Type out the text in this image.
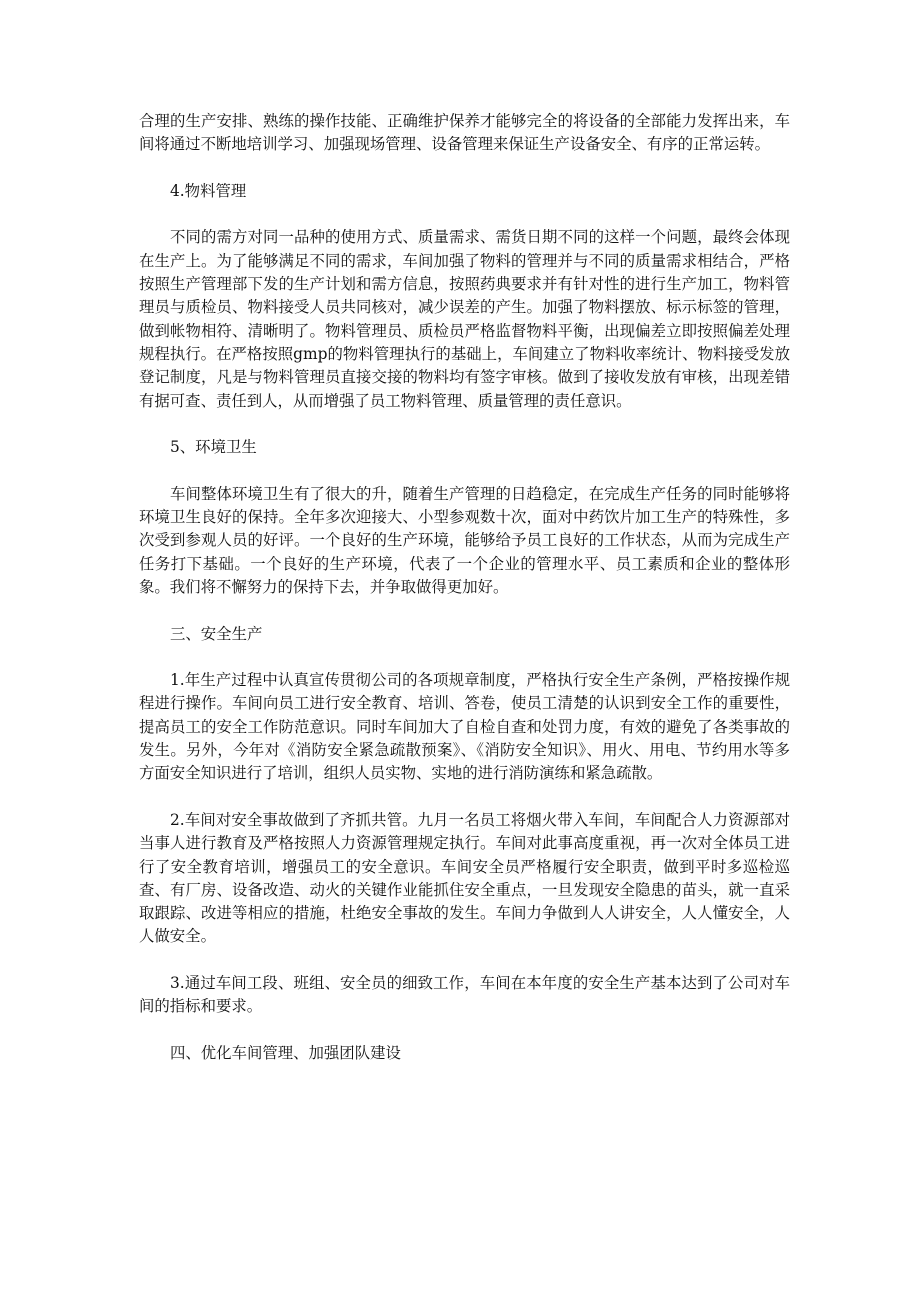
合理的生产安排、熟练的操作技能、正确维护保养才能够完全的将设备的全部能力发挥出来，车间将通过不断地培训学习、加强现场管理、设备管理来保证生产设备安全、有序的正常运转。

4.物料管理

不同的需方对同一品种的使用方式、质量需求、需货日期不同的这样一个问题，最终会体现在生产上。为了能够满足不同的需求，车间加强了物料的管理并与不同的质量需求相结合，严格按照生产管理部下发的生产计划和需方信息，按照药典要求并有针对性的进行生产加工，物料管理员与质检员、物料接受人员共同核对，减少误差的产生。加强了物料摆放、标示标签的管理，做到帐物相符、清晰明了。物料管理员、质检员严格监督物料平衡，出现偏差立即按照偏差处理规程执行。在严格按照gmp的物料管理执行的基础上，车间建立了物料收率统计、物料接受发放登记制度，凡是与物料管理员直接交接的物料均有签字审核。做到了接收发放有审核，出现差错有据可查、责任到人，从而增强了员工物料管理、质量管理的责任意识。

5、环境卫生

车间整体环境卫生有了很大的升，随着生产管理的日趋稳定，在完成生产任务的同时能够将环境卫生良好的保持。全年多次迎接大、小型参观数十次，面对中药饮片加工生产的特殊性，多次受到参观人员的好评。一个良好的生产环境，能够给予员工良好的工作状态，从而为完成生产任务打下基础。一个良好的生产环境，代表了一个企业的管理水平、员工素质和企业的整体形象。我们将不懈努力的保持下去，并争取做得更加好。

三、安全生产

1.年生产过程中认真宣传贯彻公司的各项规章制度，严格执行安全生产条例，严格按操作规程进行操作。车间向员工进行安全教育、培训、答卷，使员工清楚的认识到安全工作的重要性，提高员工的安全工作防范意识。同时车间加大了自检自查和处罚力度，有效的避免了各类事故的发生。另外，今年对《消防安全紧急疏散预案》、《消防安全知识》、用火、用电、节约用水等多方面安全知识进行了培训，组织人员实物、实地的进行消防演练和紧急疏散。

2.车间对安全事故做到了齐抓共管。九月一名员工将烟火带入车间，车间配合人力资源部对当事人进行教育及严格按照人力资源管理规定执行。车间对此事高度重视，再一次对全体员工进行了安全教育培训，增强员工的安全意识。车间安全员严格履行安全职责，做到平时多巡检巡查、有厂房、设备改造、动火的关键作业能抓住安全重点，一旦发现安全隐患的苗头，就一直采取跟踪、改进等相应的措施，杜绝安全事故的发生。车间力争做到人人讲安全，人人懂安全，人人做安全。

3.通过车间工段、班组、安全员的细致工作，车间在本年度的安全生产基本达到了公司对车间的指标和要求。

四、优化车间管理、加强团队建设
